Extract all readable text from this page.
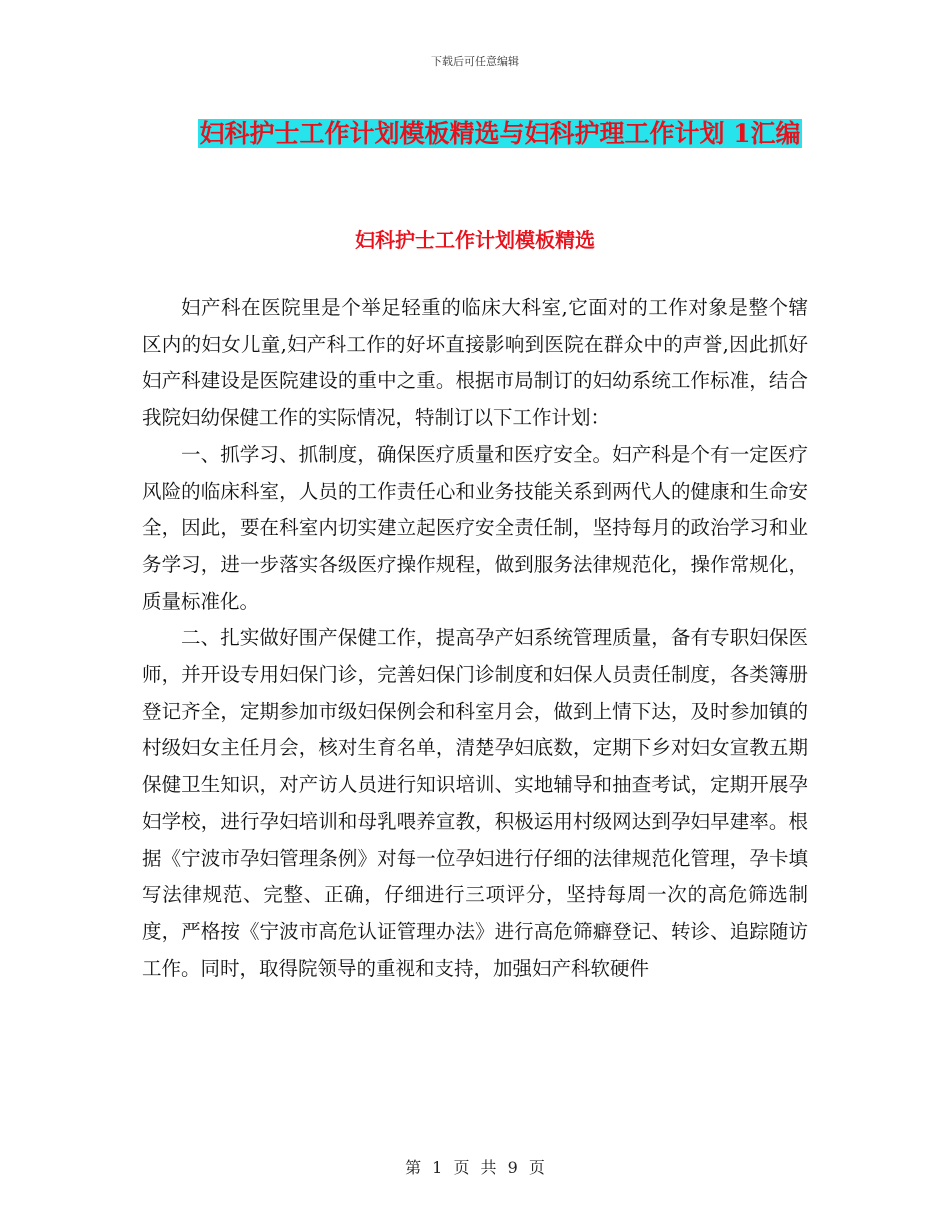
下载后可任意编辑
妇科护士工作计划模板精选与妇科护理工作计划 1汇编
妇科护士工作计划模板精选

妇产科在医院里是个举足轻重的临床大科室,它面对的工作对象是整个辖区内的妇女儿童,妇产科工作的好坏直接影响到医院在群众中的声誉,因此抓好妇产科建设是医院建设的重中之重。根据市局制订的妇幼系统工作标准，结合我院妇幼保健工作的实际情况，特制订以下工作计划：

一、抓学习、抓制度，确保医疗质量和医疗安全。妇产科是个有一定医疗风险的临床科室，人员的工作责任心和业务技能关系到两代人的健康和生命安全，因此，要在科室内切实建立起医疗安全责任制，坚持每月的政治学习和业务学习，进一步落实各级医疗操作规程，做到服务法律规范化，操作常规化，质量标准化。

二、扎实做好围产保健工作，提高孕产妇系统管理质量，备有专职妇保医师，并开设专用妇保门诊，完善妇保门诊制度和妇保人员责任制度，各类簿册登记齐全，定期参加市级妇保例会和科室月会，做到上情下达，及时参加镇的村级妇女主任月会，核对生育名单，清楚孕妇底数，定期下乡对妇女宣教五期保健卫生知识，对产访人员进行知识培训、实地辅导和抽查考试，定期开展孕妇学校，进行孕妇培训和母乳喂养宣教，积极运用村级网达到孕妇早建率。根据《宁波市孕妇管理条例》对每一位孕妇进行仔细的法律规范化管理，孕卡填写法律规范、完整、正确，仔细进行三项评分，坚持每周一次的高危筛选制度，严格按《宁波市高危认证管理办法》进行高危筛癖登记、转诊、追踪随访工作。同时，取得院领导的重视和支持，加强妇产科软硬件

第 1 页 共 9 页
